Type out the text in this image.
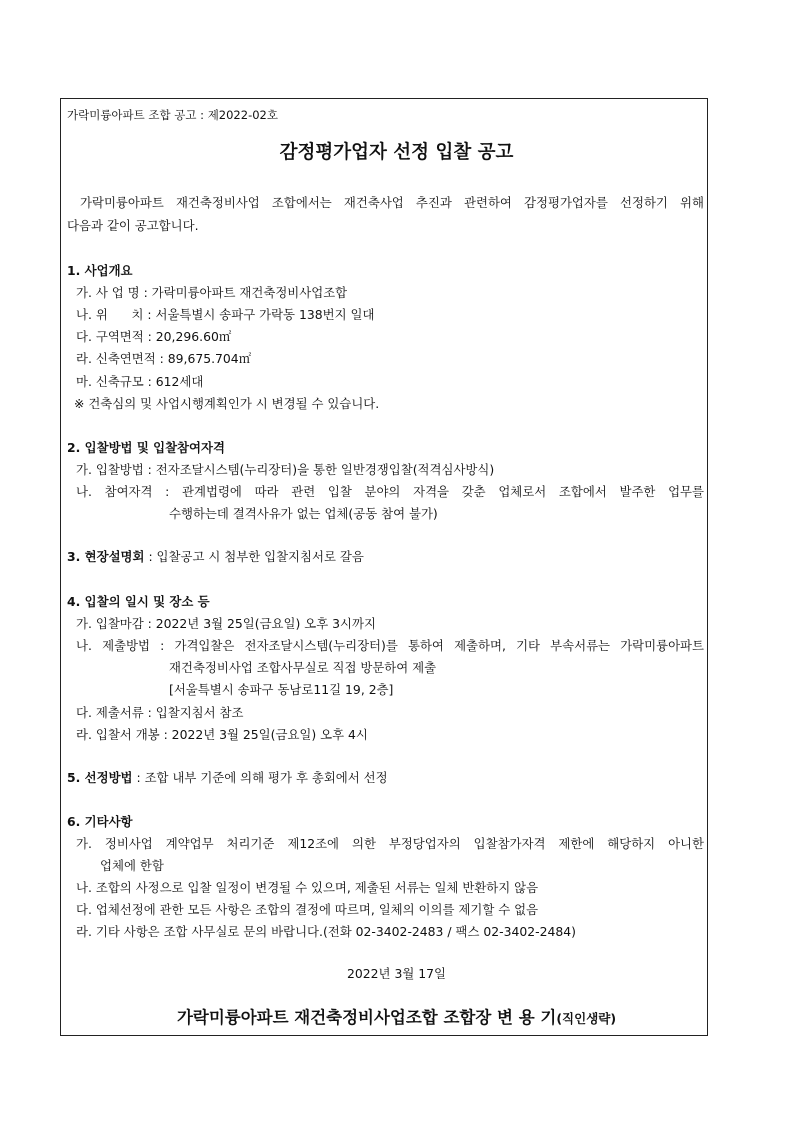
가락미륭아파트 조합 공고 : 제2022-02호
감정평가업자 선정 입찰 공고
가락미륭아파트 재건축정비사업 조합에서는 재건축사업 추진과 관련하여 감정평가업자를 선정하기 위해
다음과 같이 공고합니다.
1. 사업개요
가. 사 업 명 : 가락미륭아파트 재건축정비사업조합
나. 위      치 : 서울특별시 송파구 가락동 138번지 일대
다. 구역면적 : 20,296.60㎡
라. 신축연면적 : 89,675.704㎡
마. 신축규모 : 612세대
※ 건축심의 및 사업시행계획인가 시 변경될 수 있습니다.
2. 입찰방법 및 입찰참여자격
가. 입찰방법 : 전자조달시스템(누리장터)을 통한 일반경쟁입찰(적격심사방식)
나. 참여자격 : 관계법령에 따라 관련 입찰 분야의 자격을 갖춘 업체로서 조합에서 발주한 업무를
수행하는데 결격사유가 없는 업체(공동 참여 불가)
3. 현장설명회 : 입찰공고 시 첨부한 입찰지침서로 갈음
4. 입찰의 일시 및 장소 등
가. 입찰마감 : 2022년 3월 25일(금요일) 오후 3시까지
나. 제출방법 : 가격입찰은 전자조달시스템(누리장터)를 통하여 제출하며, 기타 부속서류는 가락미륭아파트
재건축정비사업 조합사무실로 직접 방문하여 제출
[서울특별시 송파구 동남로11길 19, 2층]
다. 제출서류 : 입찰지침서 참조
라. 입찰서 개봉 : 2022년 3월 25일(금요일) 오후 4시
5. 선정방법 : 조합 내부 기준에 의해 평가 후 총회에서 선정
6. 기타사항
가. 정비사업 계약업무 처리기준 제12조에 의한 부정당업자의 입찰참가자격 제한에 해당하지 아니한
업체에 한함
나. 조합의 사정으로 입찰 일정이 변경될 수 있으며, 제출된 서류는 일체 반환하지 않음
다. 업체선정에 관한 모든 사항은 조합의 결정에 따르며, 일체의 이의를 제기할 수 없음
라. 기타 사항은 조합 사무실로 문의 바랍니다.(전화 02-3402-2483 / 팩스 02-3402-2484)
2022년 3월 17일
가락미륭아파트 재건축정비사업조합 조합장 변 용 기(직인생략)
